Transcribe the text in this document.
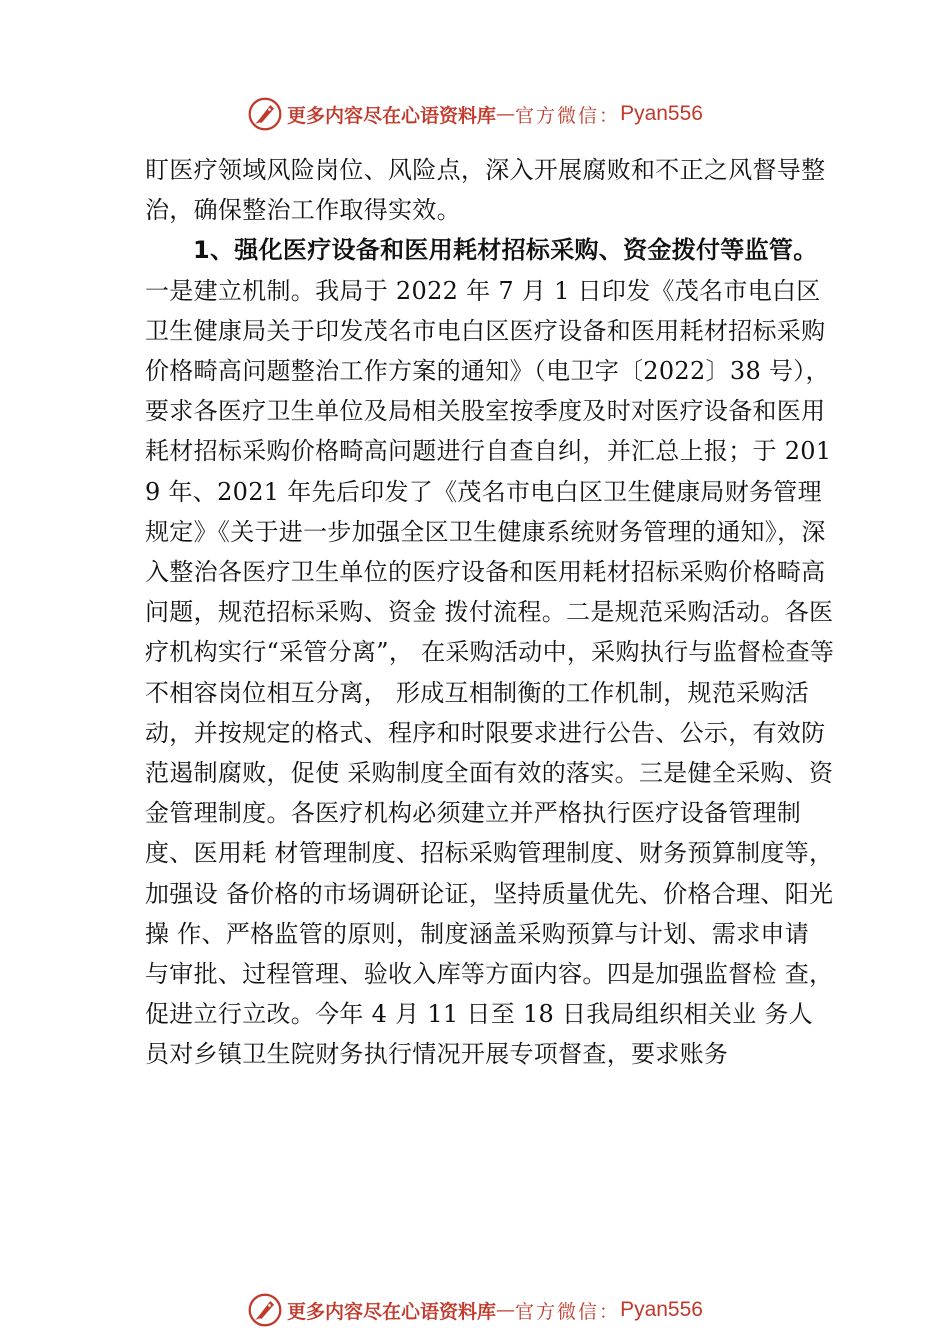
更多内容尽在心语资料库 — 官方微信： Pyan556

盯医疗领域风险岗位、风险点，深入开展腐败和不正之风督导整治，确保整治工作取得实效。

1、强化医疗设备和医用耗材招标采购、资金拨付等监管。

一是建立机制。我局于 2022 年 7 月 1 日印发《茂名市电白区卫生健康局关于印发茂名市电白区医疗设备和医用耗材招标采购价格畸高问题整治工作方案的通知》（电卫字〔2022〕38 号），要求各医疗卫生单位及局相关股室按季度及时对医疗设备和医用耗材招标采购价格畸高问题进行自查自纠，并汇总上报；于 2019 年、2021 年先后印发了《茂名市电白区卫生健康局财务管理规定》《关于进一步加强全区卫生健康系统财务管理的通知》，深入整治各医疗卫生单位的医疗设备和医用耗材招标采购价格畸高问题，规范招标采购、资金 拨付流程。二是规范采购活动。各医疗机构实行“采管分离”， 在采购活动中，采购执行与监督检查等不相容岗位相互分离， 形成互相制衡的工作机制，规范采购活动，并按规定的格式、程序和时限要求进行公告、公示，有效防范遏制腐败，促使 采购制度全面有效的落实。三是健全采购、资金管理制度。各医疗机构必须建立并严格执行医疗设备管理制度、医用耗 材管理制度、招标采购管理制度、财务预算制度等，加强设 备价格的市场调研论证，坚持质量优先、价格合理、阳光操 作、严格监管的原则，制度涵盖采购预算与计划、需求申请 与审批、过程管理、验收入库等方面内容。四是加强监督检 查，促进立行立改。今年 4 月 11 日至 18 日我局组织相关业 务人员对乡镇卫生院财务执行情况开展专项督查，要求账务

更多内容尽在心语资料库 — 官方微信： Pyan556
